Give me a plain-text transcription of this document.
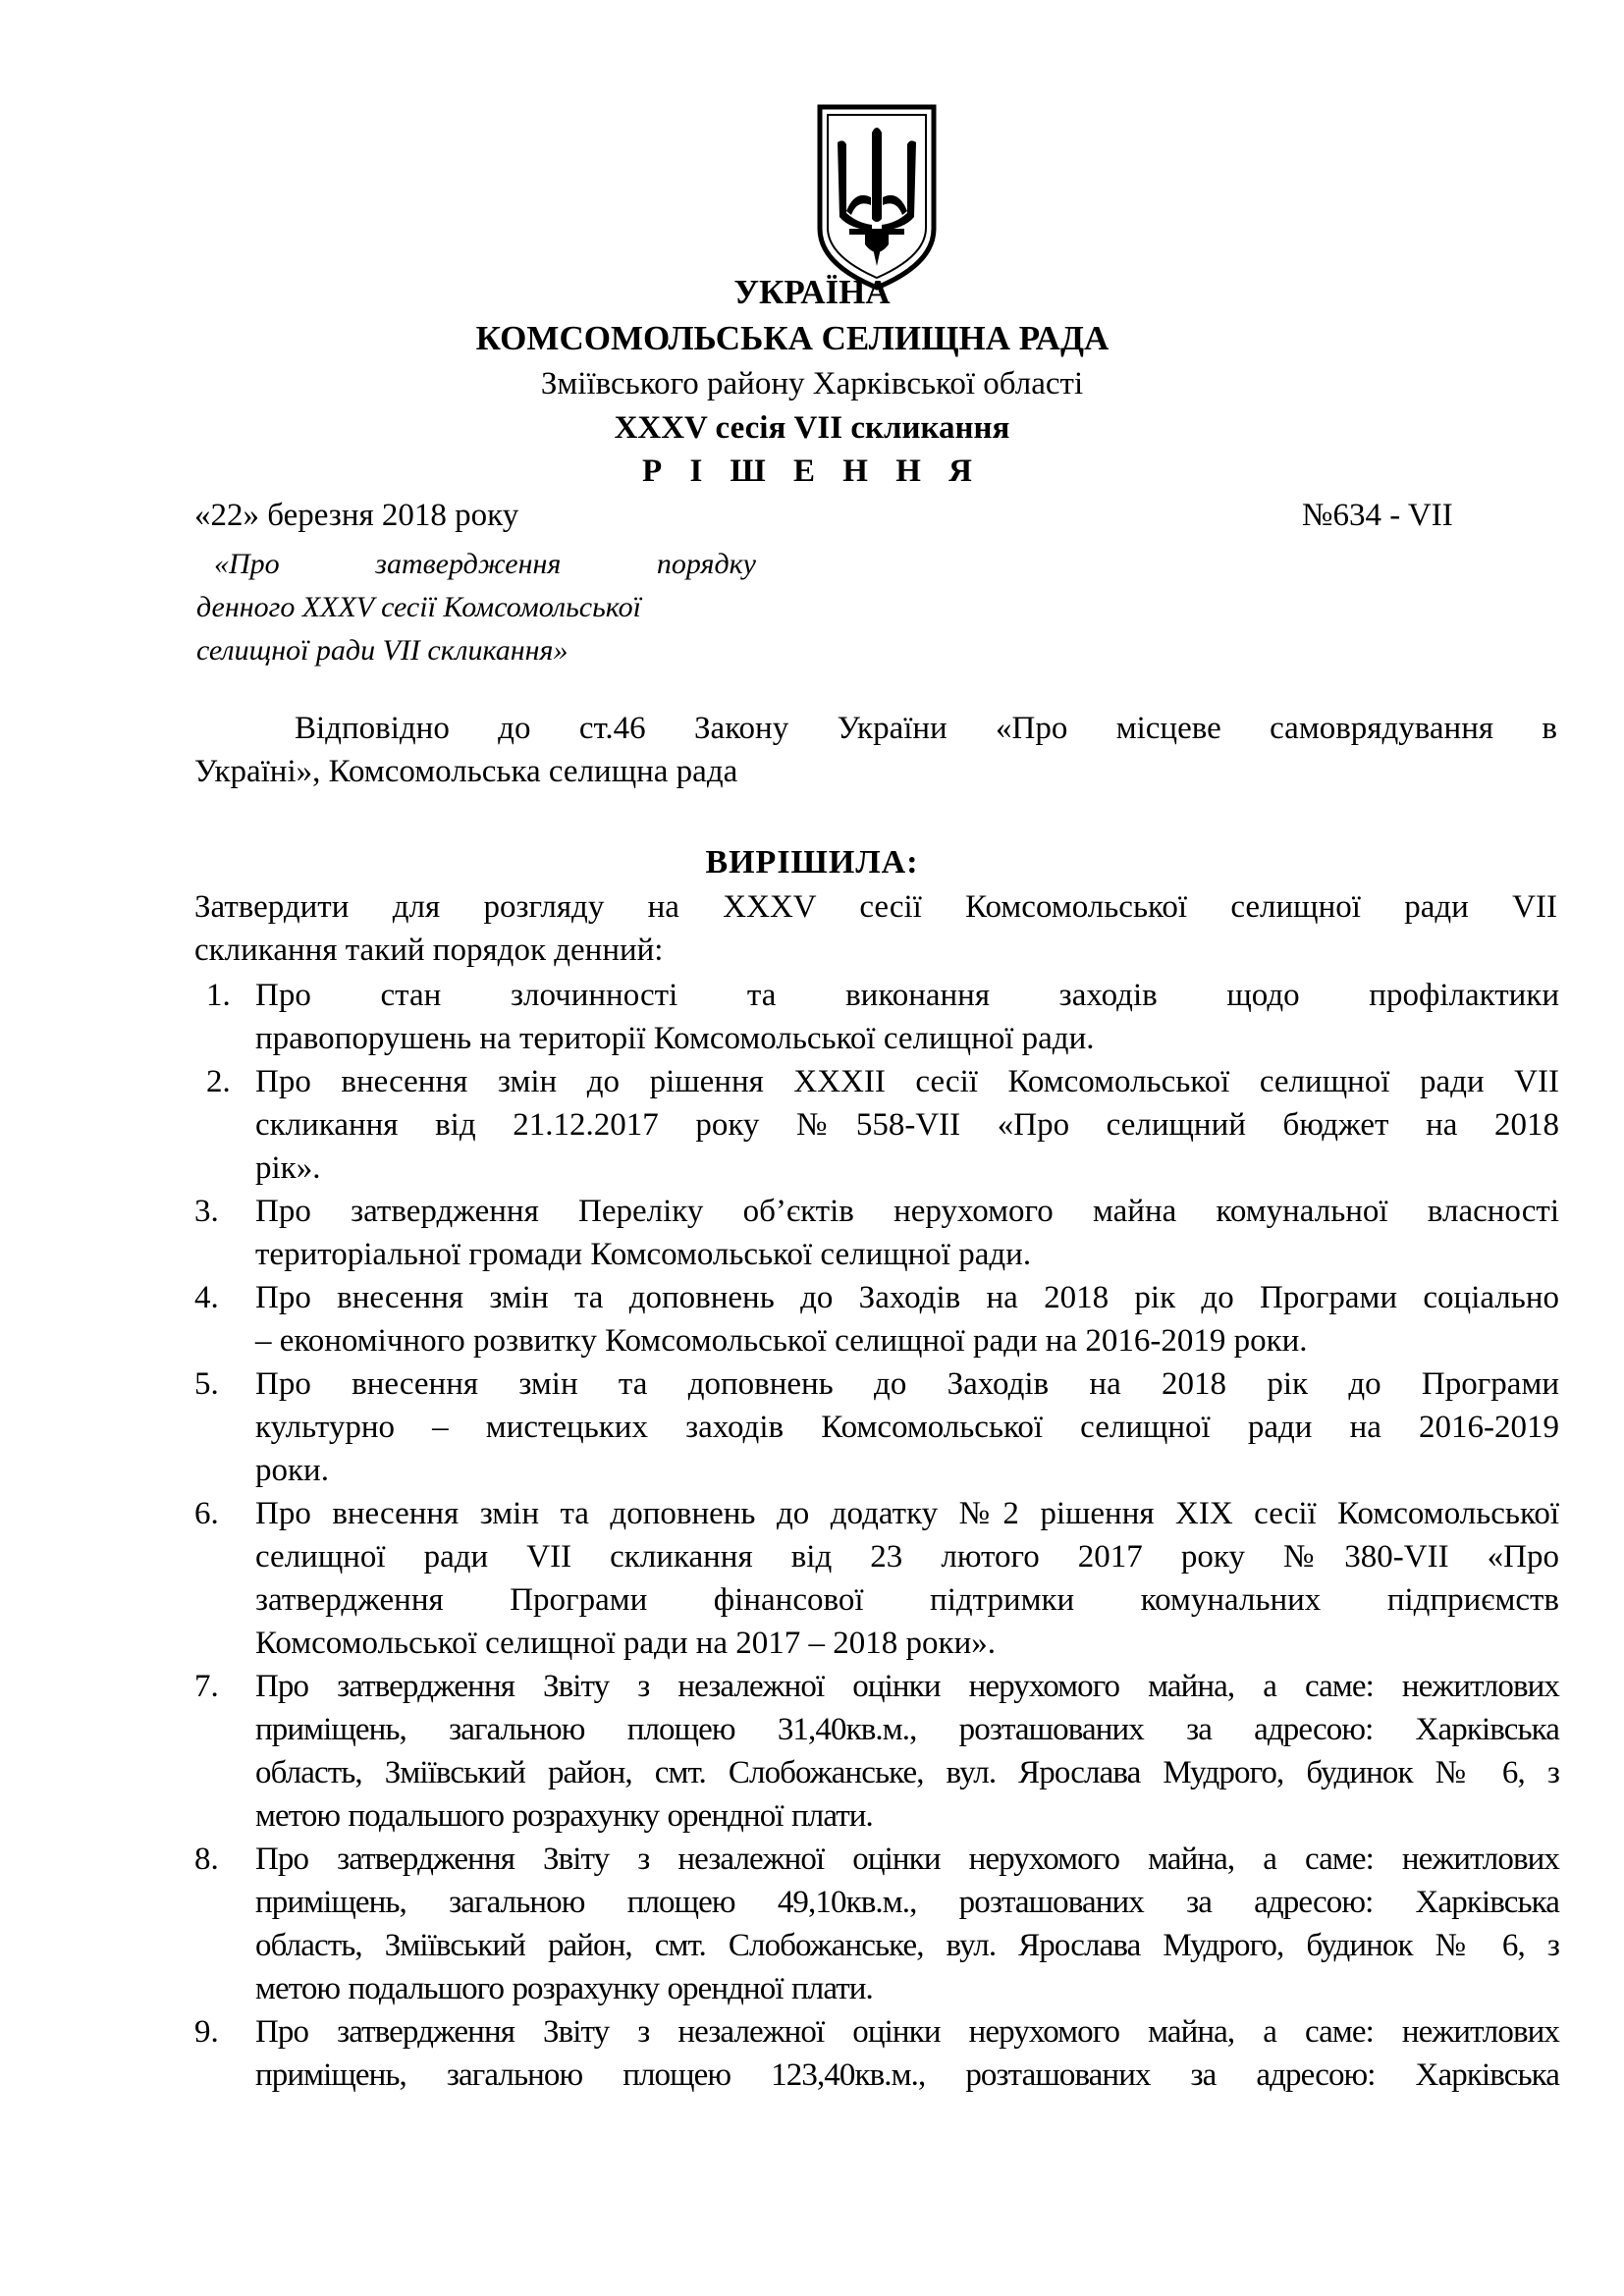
УКРАЇНА
КОМСОМОЛЬСЬКА СЕЛИЩНА РАДА
Зміївського району Харківської області
ХХХV сесія VІІ скликання
Р І Ш Е Н Н Я
«22» березня 2018 року	№634 - VII
«Про затвердження порядку
денного ХХХV сесії Комсомольської
селищної ради VІІ скликання»
Відповідно до ст.46 Закону України «Про місцеве самоврядування в
Україні», Комсомольська селищна рада
ВИРІШИЛА:
Затвердити для розгляду на ХХХV сесії Комсомольської селищної ради VІІ
скликання такий порядок денний:
1. Про стан злочинності та виконання заходів щодо профілактики
правопорушень на території Комсомольської селищної ради.
2. Про внесення змін до рішення ХХХІІ сесії Комсомольської селищної ради VІІ
скликання від 21.12.2017 року №558-VІІ «Про селищний бюджет на 2018
рік».
3. Про затвердження Переліку об’єктів нерухомого майна комунальної власності
територіальної громади Комсомольської селищної ради.
4. Про внесення змін та доповнень до Заходів на 2018 рік до Програми соціально
– економічного розвитку Комсомольської селищної ради на 2016-2019 роки.
5. Про внесення змін та доповнень до Заходів на 2018 рік до Програми
культурно – мистецьких заходів Комсомольської селищної ради на 2016-2019
роки.
6. Про внесення змін та доповнень до додатку №2 рішення ХІХ сесії Комсомольської
селищної ради VІІ скликання від 23 лютого 2017 року №380-VІІ «Про
затвердження Програми фінансової підтримки комунальних підприємств
Комсомольської селищної ради на 2017 – 2018 роки».
7. Про затвердження Звіту з незалежної оцінки нерухомого майна, а саме: нежитлових
приміщень, загальною площею 31,40кв.м., розташованих за адресою: Харківська
область, Зміївський район, смт. Слобожанське, вул. Ярослава Мудрого, будинок № 6, з
метою подальшого розрахунку орендної плати.
8. Про затвердження Звіту з незалежної оцінки нерухомого майна, а саме: нежитлових
приміщень, загальною площею 49,10кв.м., розташованих за адресою: Харківська
область, Зміївський район, смт. Слобожанське, вул. Ярослава Мудрого, будинок № 6, з
метою подальшого розрахунку орендної плати.
9. Про затвердження Звіту з незалежної оцінки нерухомого майна, а саме: нежитлових
приміщень, загальною площею 123,40кв.м., розташованих за адресою: Харківська
